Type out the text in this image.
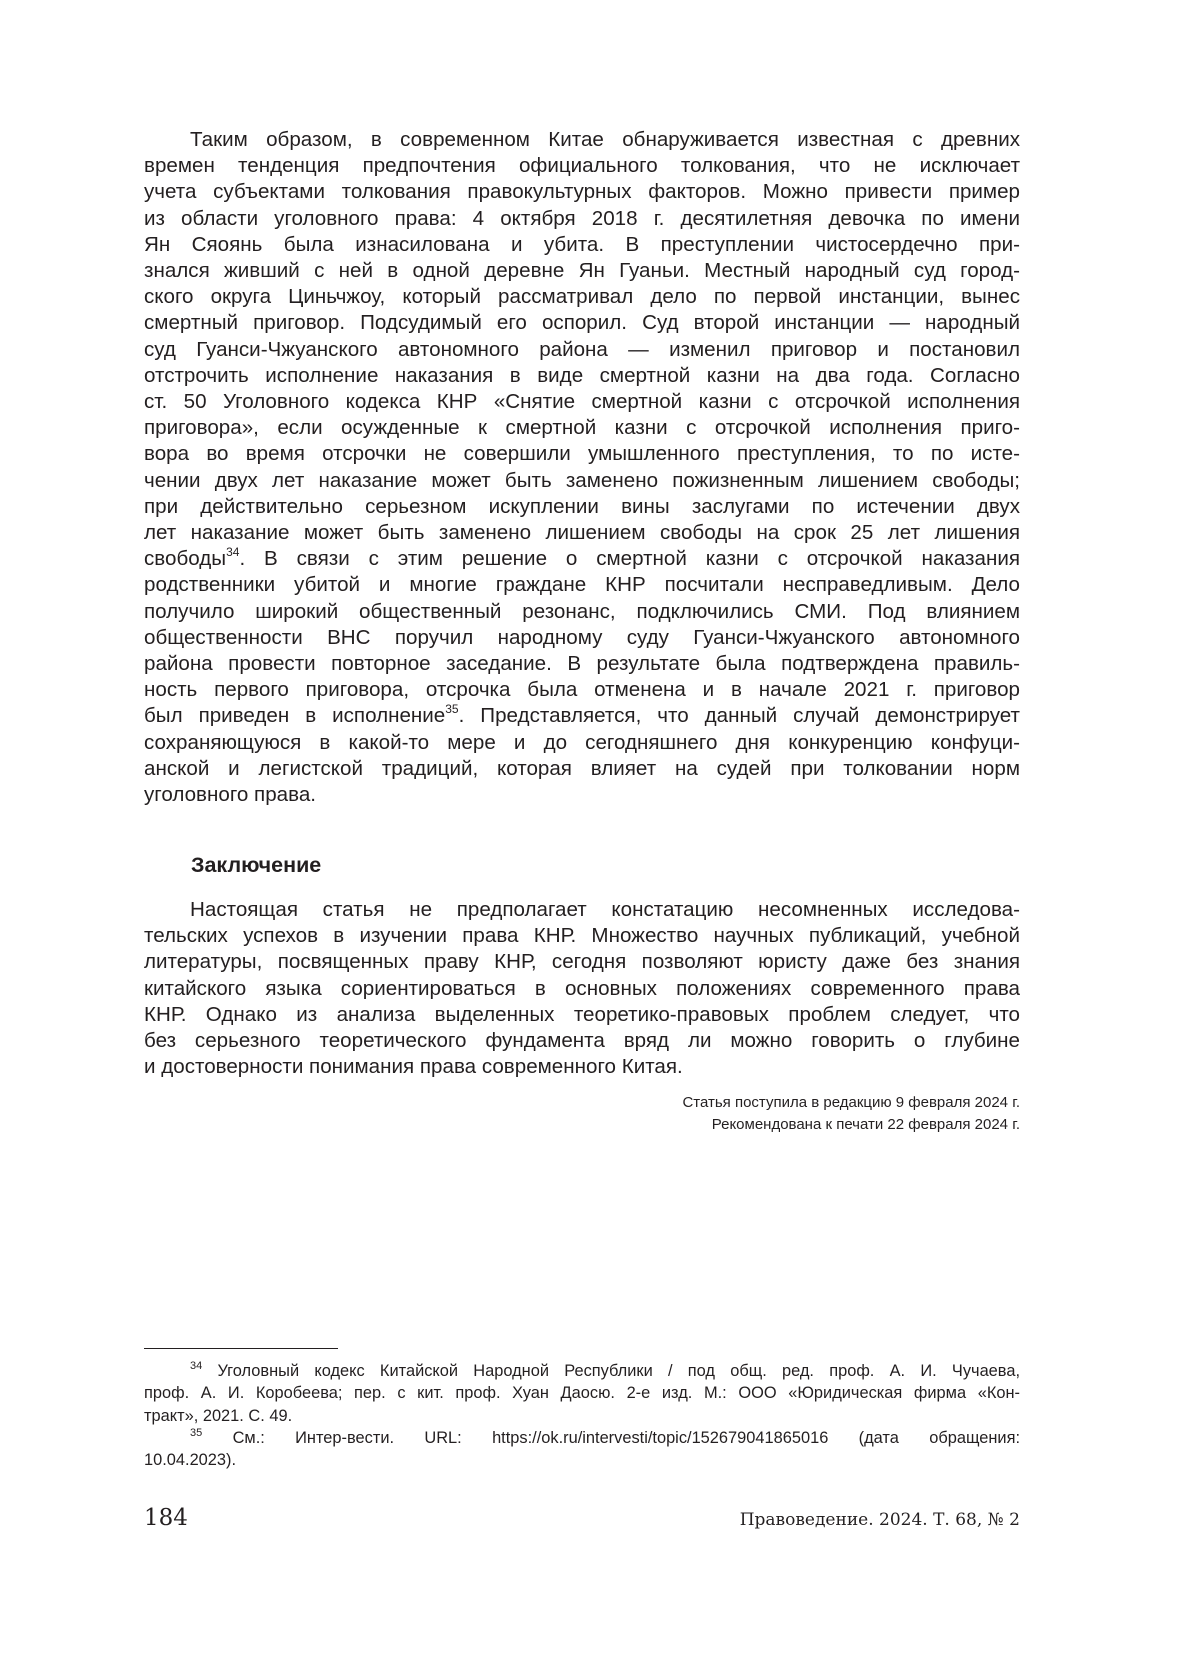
Таким образом, в современном Китае обнаруживается известная с древних
времен тенденция предпочтения официального толкования, что не исключает
учета субъектами толкования правокультурных факторов. Можно привести пример
из области уголовного права: 4 октября 2018 г. десятилетняя девочка по имени
Ян Сяоянь была изнасилована и убита. В преступлении чистосердечно при-
знался живший с ней в одной деревне Ян Гуаньи. Местный народный суд город-
ского округа Циньчжоу, который рассматривал дело по первой инстанции, вынес
смертный приговор. Подсудимый его оспорил. Суд второй инстанции — народный
суд Гуанси-Чжуанского автономного района — изменил приговор и постановил
отстрочить исполнение наказания в виде смертной казни на два года. Согласно
ст. 50 Уголовного кодекса КНР «Снятие смертной казни с отсрочкой исполнения
приговора», если осужденные к смертной казни с отсрочкой исполнения приго-
вора во время отсрочки не совершили умышленного преступления, то по исте-
чении двух лет наказание может быть заменено пожизненным лишением свободы;
при действительно серьезном искуплении вины заслугами по истечении двух
лет наказание может быть заменено лишением свободы на срок 25 лет лишения
свободы$^{34}$. В связи с этим решение о смертной казни с отсрочкой наказания
родственники убитой и многие граждане КНР посчитали несправедливым. Дело
получило широкий общественный резонанс, подключились СМИ. Под влиянием
общественности ВНС поручил народному суду Гуанси-Чжуанского автономного
района провести повторное заседание. В результате была подтверждена правиль-
ность первого приговора, отсрочка была отменена и в начале 2021 г. приговор
был приведен в исполнение$^{35}$. Представляется, что данный случай демонстрирует
сохраняющуюся в какой-то мере и до сегодняшнего дня конкуренцию конфуци-
анской и легистской традиций, которая влияет на судей при толковании норм
уголовного права.
Заключение
Настоящая статья не предполагает констатацию несомненных исследова-
тельских успехов в изучении права КНР. Множество научных публикаций, учебной
литературы, посвященных праву КНР, сегодня позволяют юристу даже без знания
китайского языка сориентироваться в основных положениях современного права
КНР. Однако из анализа выделенных теоретико-правовых проблем следует, что
без серьезного теоретического фундамента вряд ли можно говорить о глубине
и достоверности понимания права современного Китая.
Статья поступила в редакцию 9 февраля 2024 г.
Рекомендована к печати 22 февраля 2024 г.

$^{34}$ Уголовный кодекс Китайской Народной Республики / под общ. ред. проф. А. И. Чучаева,

проф. А. И. Коробеева; пер. с кит. проф. Хуан Даосю. 2-е изд. М.: ООО «Юридическая фирма «Кон-

тракт», 2021. С. 49.

$^{35}$ См.: Интер-вести. URL: https://ok.ru/intervesti/topic/152679041865016 (дата обращения:

10.04.2023).

184	Правоведение. 2024. Т. 68, № 2
